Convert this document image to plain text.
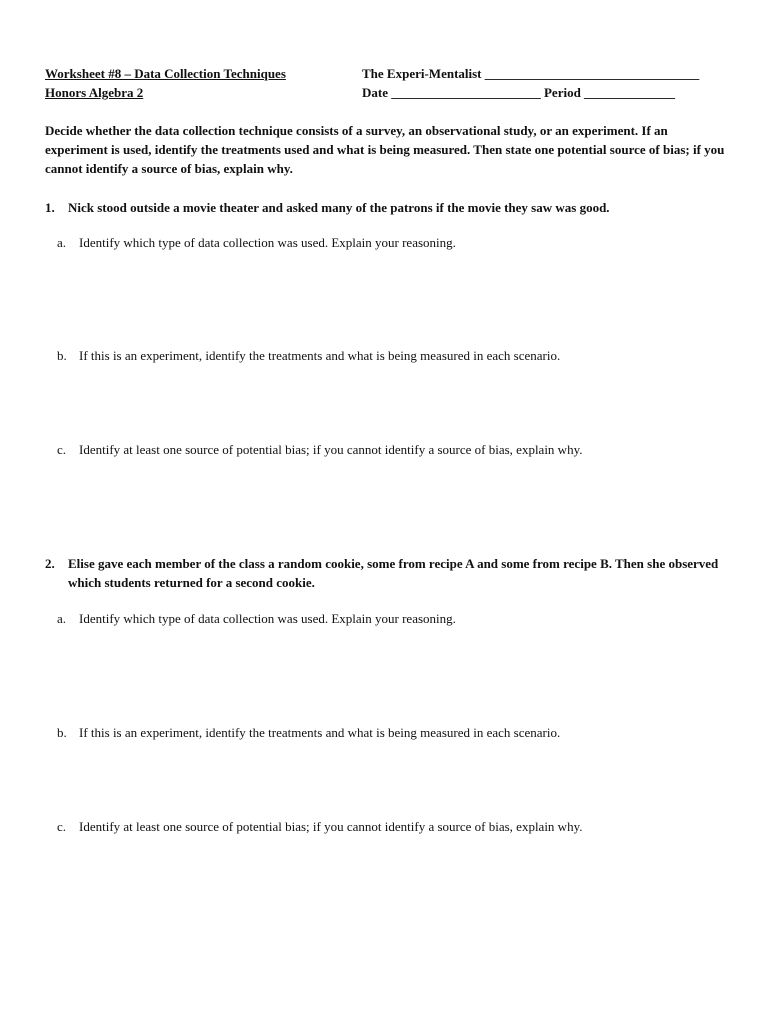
Worksheet #8 – Data Collection Techniques
Honors Algebra 2
The Experi-Mentalist _________________________________
Date _______________________ Period ______________
Decide whether the data collection technique consists of a survey, an observational study, or an experiment. If an experiment is used, identify the treatments used and what is being measured. Then state one potential source of bias; if you cannot identify a source of bias, explain why.
1. Nick stood outside a movie theater and asked many of the patrons if the movie they saw was good.
a. Identify which type of data collection was used. Explain your reasoning.
b. If this is an experiment, identify the treatments and what is being measured in each scenario.
c. Identify at least one source of potential bias; if you cannot identify a source of bias, explain why.
2. Elise gave each member of the class a random cookie, some from recipe A and some from recipe B. Then she observed which students returned for a second cookie.
a. Identify which type of data collection was used. Explain your reasoning.
b. If this is an experiment, identify the treatments and what is being measured in each scenario.
c. Identify at least one source of potential bias; if you cannot identify a source of bias, explain why.
